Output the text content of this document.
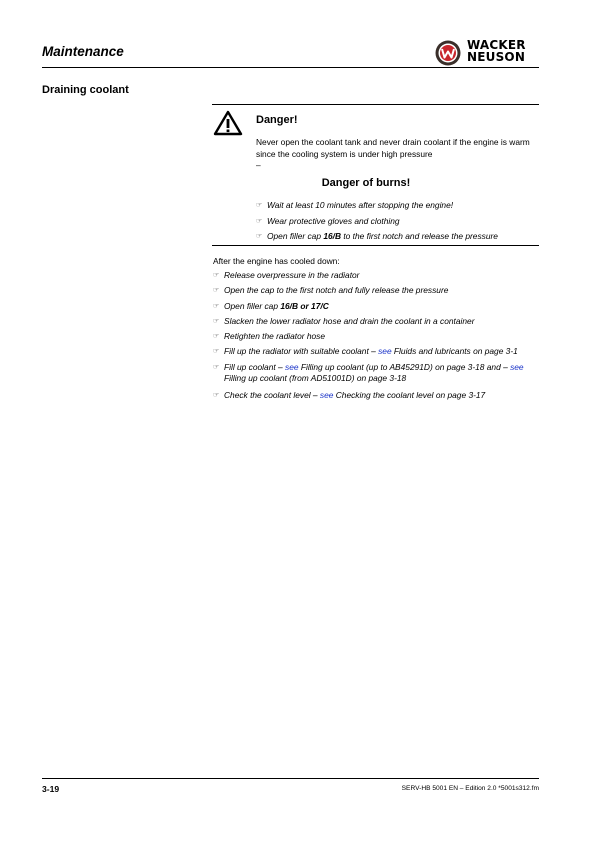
Maintenance	WACKER
NEUSON
Draining coolant
Danger!
Never open the coolant tank and never drain coolant if the engine is warm since the cooling system is under high pressure
–
Danger of burns!
☞ Wait at least 10 minutes after stopping the engine!
☞ Wear protective gloves and clothing
☞ Open filler cap 16/B to the first notch and release the pressure
After the engine has cooled down:
☞ Release overpressure in the radiator
☞ Open the cap to the first notch and fully release the pressure
☞ Open filler cap 16/B or 17/C
☞ Slacken the lower radiator hose and drain the coolant in a container
☞ Retighten the radiator hose
☞ Fill up the radiator with suitable coolant – see Fluids and lubricants on page 3-1
☞ Fill up coolant – see Filling up coolant (up to AB45291D) on page 3-18 and – see Filling up coolant (from AD51001D) on page 3-18
☞ Check the coolant level – see Checking the coolant level on page 3-17
3-19	SERV-HB 5001 EN – Edition 2.0 *5001s312.fm
